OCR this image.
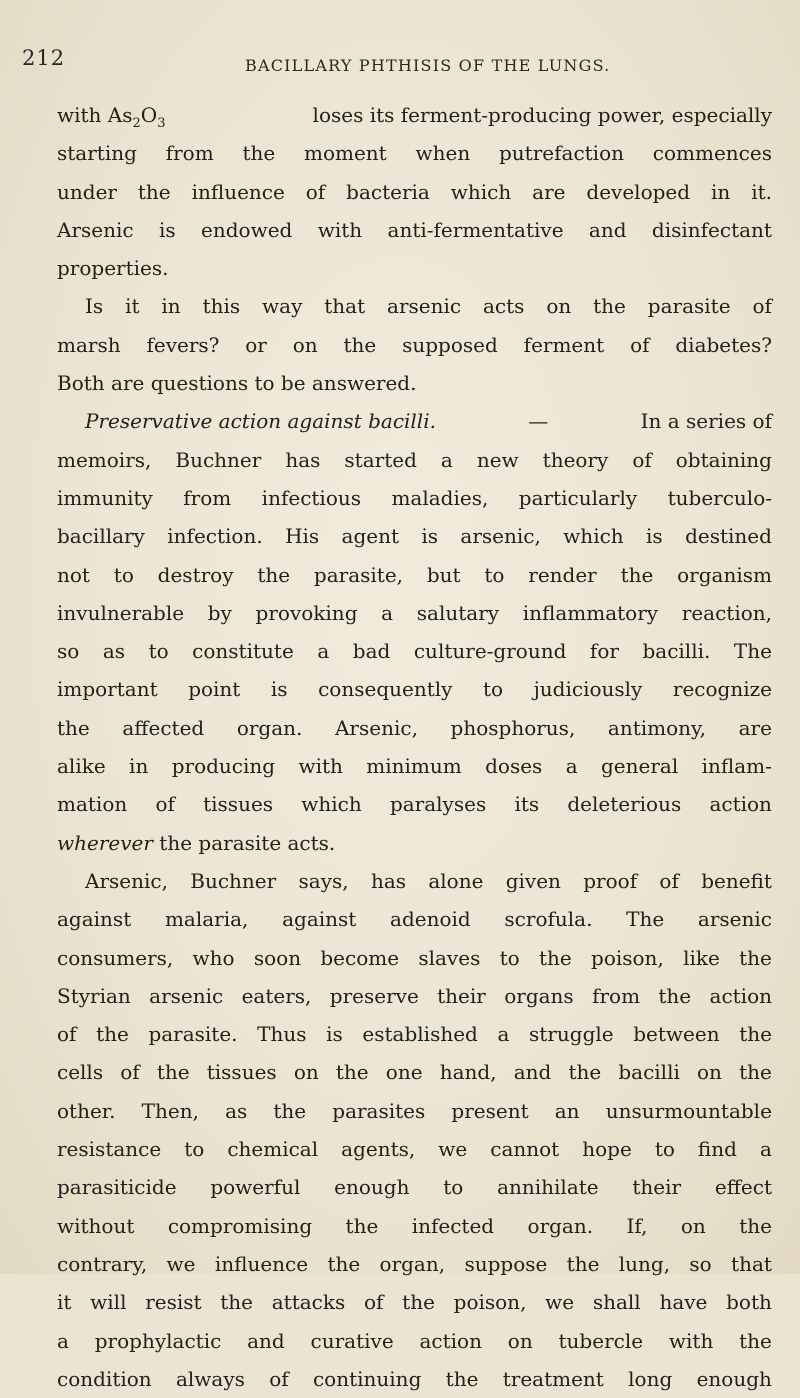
212	BACILLARY PHTHISIS OF THE LUNGS.
with $As_2O_3$	loses its ferment-producing power, especially
starting from the moment when putrefaction commences
under the influence of bacteria which are developed in it.
Arsenic is endowed with anti-fermentative and disinfectant
properties.
Is it in this way that arsenic acts on the parasite of
marsh fevers? or on the supposed ferment of diabetes?
Both are questions to be answered.
Preservative action against bacilli.	—	In a series of
memoirs, Buchner has started a new theory of obtaining
immunity from infectious maladies, particularly tuberculo-
bacillary infection. His agent is arsenic, which is destined
not to destroy the parasite, but to render the organism
invulnerable by provoking a salutary inflammatory reaction,
so as to constitute a bad culture-ground for bacilli. The
important point is consequently to judiciously recognize
the affected organ. Arsenic, phosphorus, antimony, are
alike in producing with minimum doses a general inflam-
mation of tissues which paralyses its deleterious action
wherever
the parasite acts.
Arsenic, Buchner says, has alone given proof of benefit
against malaria, against adenoid scrofula. The arsenic
consumers, who soon become slaves to the poison, like the
Styrian arsenic eaters, preserve their organs from the action
of the parasite. Thus is established a struggle between the
cells of the tissues on the one hand, and the bacilli on the
other. Then, as the parasites present an unsurmountable
resistance to chemical agents, we cannot hope to find a
parasiticide powerful enough to annihilate their effect
without compromising the infected organ. If, on the
contrary, we influence the organ, suppose the lung, so that
it will resist the attacks of the poison, we shall have both
a prophylactic and curative action on tubercle with the
condition always of continuing the treatment long enough
